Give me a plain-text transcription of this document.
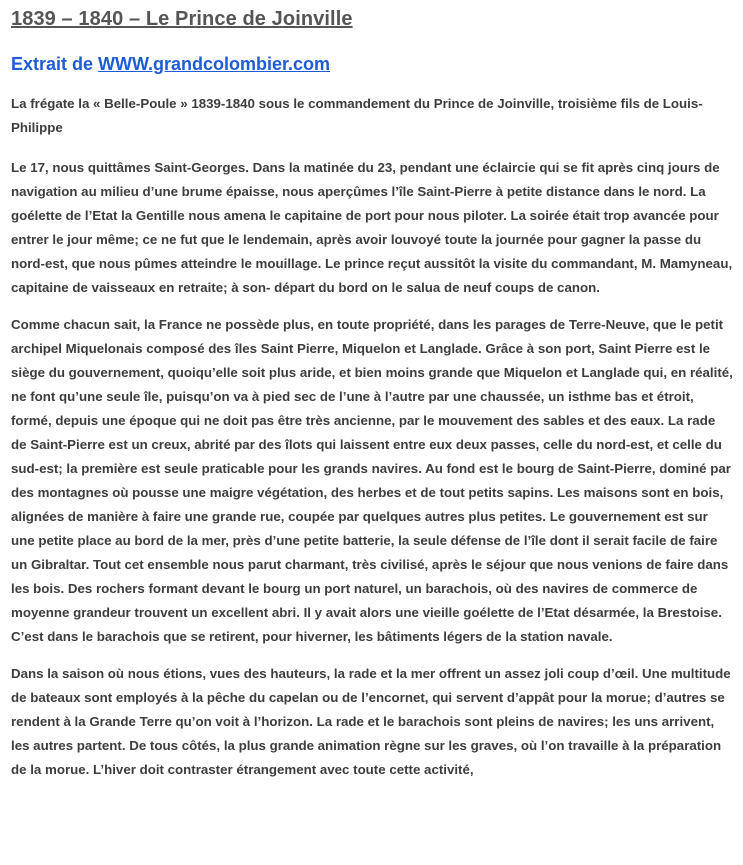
1839 – 1840 – Le Prince de Joinville
Extrait de WWW.grandcolombier.com

La frégate la « Belle-Poule » 1839-1840 sous le commandement du Prince de Joinville, troisième fils de Louis-Philippe

Le 17, nous quittâmes Saint-Georges. Dans la matinée du 23, pendant une éclaircie qui se fit après cinq jours de navigation au milieu d’une brume épaisse, nous aperçûmes l’île Saint-Pierre à petite distance dans le nord. La goélette de l’Etat la Gentille nous amena le capitaine de port pour nous piloter. La soirée était trop avancée pour entrer le jour même; ce ne fut que le lendemain, après avoir louvoyé toute la journée pour gagner la passe du nord-est, que nous pûmes atteindre le mouillage. Le prince reçut aussitôt la visite du commandant, M. Mamyneau, capitaine de vaisseaux en retraite; à son- départ du bord on le salua de neuf coups de canon.

Comme chacun sait, la France ne possède plus, en toute propriété, dans les parages de Terre-Neuve, que le petit archipel Miquelonais composé des îles Saint Pierre, Miquelon et Langlade. Grâce à son port, Saint Pierre est le siège du gouvernement, quoiqu’elle soit plus aride, et bien moins grande que Miquelon et Langlade qui, en réalité, ne font qu’une seule île, puisqu’on va à pied sec de l’une à l’autre par une chaussée, un isthme bas et étroit, formé, depuis une époque qui ne doit pas être très ancienne, par le mouvement des sables et des eaux. La rade de Saint-Pierre est un creux, abrité par des îlots qui laissent entre eux deux passes, celle du nord-est, et celle du sud-est; la première est seule praticable pour les grands navires. Au fond est le bourg de Saint-Pierre, dominé par des montagnes où pousse une maigre végétation, des herbes et de tout petits sapins. Les maisons sont en bois, alignées de manière à faire une grande rue, coupée par quelques autres plus petites. Le gouvernement est sur une petite place au bord de la mer, près d’une petite batterie, la seule défense de l’île dont il serait facile de faire un Gibraltar. Tout cet ensemble nous parut charmant, très civilisé, après le séjour que nous venions de faire dans les bois. Des rochers formant devant le bourg un port naturel, un barachois, où des navires de commerce de moyenne grandeur trouvent un excellent abri. Il y avait alors une vieille goélette de l’Etat désarmée, la Brestoise. C’est dans le barachois que se retirent, pour hiverner, les bâtiments légers de la station navale.

Dans la saison où nous étions, vues des hauteurs, la rade et la mer offrent un assez joli coup d’œil. Une multitude de bateaux sont employés à la pêche du capelan ou de l’encornet, qui servent d’appât pour la morue; d’autres se rendent à la Grande Terre qu’on voit à l’horizon. La rade et le barachois sont pleins de navires; les uns arrivent, les autres partent. De tous côtés, la plus grande animation règne sur les graves, où l’on travaille à la préparation de la morue. L’hiver doit contraster étrangement avec toute cette activité,
